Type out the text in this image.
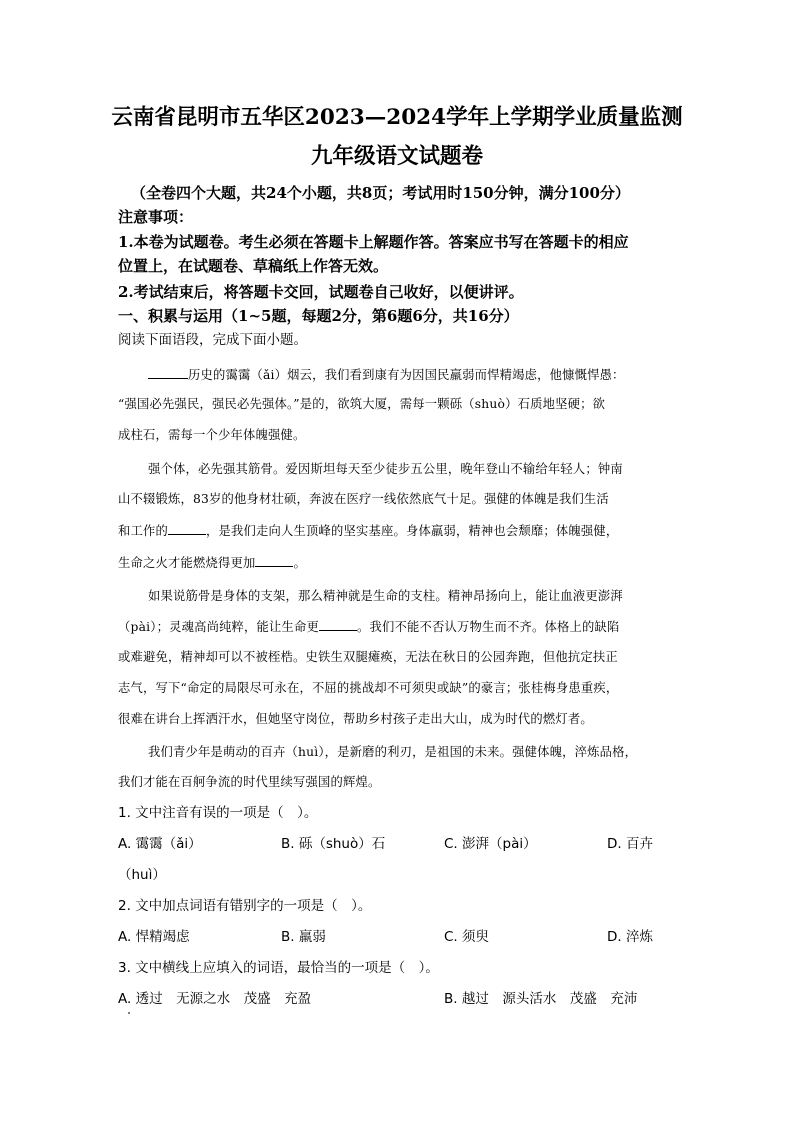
云南省昆明市五华区2023—2024学年上学期学业质量监测
九年级语文试题卷
（全卷四个大题，共24个小题，共8页；考试用时150分钟，满分100分）
注意事项：
1.本卷为试题卷。考生必须在答题卡上解题作答。答案应书写在答题卡的相应
位置上，在试题卷、草稿纸上作答无效。
2.考试结束后，将答题卡交回，试题卷自己收好，以便讲评。
一、积累与运用（1~5题，每题2分，第6题6分，共16分）
阅读下面语段，完成下面小题。
历史的霭霭（ǎi）烟云，我们看到康有为因国民羸弱而悍精竭虑，他慷慨悍愚：
“强国必先强民，强民必先强体。”是的，欲筑大厦，需每一颗砾（shuò）石质地坚硬；欲
成柱石，需每一个少年体魄强健。
强个体，必先强其筋骨。爱因斯坦每天至少徒步五公里，晚年登山不输给年轻人；钟南
山不辍锻炼，83岁的他身材壮硕，奔波在医疗一线依然底气十足。强健的体魄是我们生活
和工作的	，是我们走向人生顶峰的坚实基座。身体羸弱，精神也会颓靡；体魄强健，
生命之火才能燃烧得更加	。
如果说筋骨是身体的支架，那么精神就是生命的支柱。精神昂扬向上，能让血液更澎湃
（pài）；灵魂高尚纯粹，能让生命更	。我们不能不否认万物生而不齐。体格上的缺陷
或难避免，精神却可以不被桎梏。史铁生双腿瘫痪，无法在秋日的公园奔跑，但他抗定扶正
志气，写下“命定的局限尽可永在，不屈的挑战却不可须臾或缺”的豪言；张桂梅身患重疾，
很难在讲台上挥洒汗水，但她坚守岗位，帮助乡村孩子走出大山，成为时代的燃灯者。
我们青少年是萌动的百卉（huì），是新磨的利刃，是祖国的未来。强健体魄，淬炼品格，
我们才能在百舸争流的时代里续写强国的辉煌。
1. 文中注音有误的一项是（　）。
A. 霭霭（ǎi）	B. 砾（shuò）石	C. 澎湃（pài）	D. 百卉
（huì）
2. 文中加点词语有错别字的一项是（　）。
A. 悍精竭虑	B. 羸弱	C. 须臾	D. 淬炼
3. 文中横线上应填入的词语，最恰当的一项是（　）。
A. 透过　无源之水　茂盛　充盈	B. 越过　源头活水　茂盛　充沛
